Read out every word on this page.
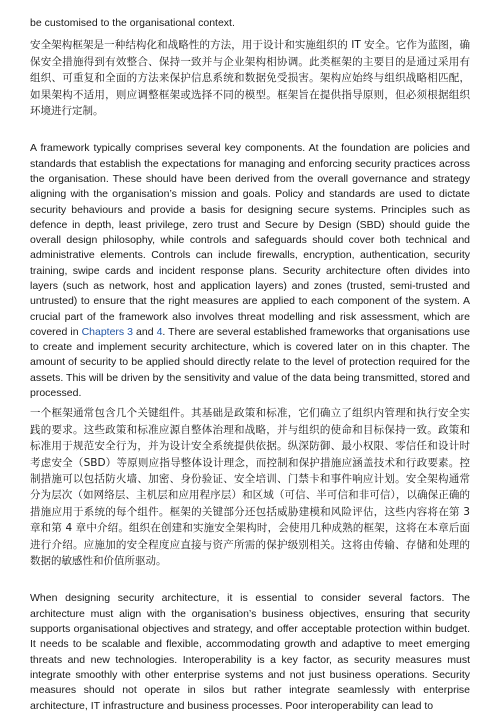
be customised to the organisational context.

安全架构框架是一种结构化和战略性的方法，用于设计和实施组织的 IT 安全。它作为蓝图，确保安全措施得到有效整合、保持一致并与企业架构相协调。此类框架的主要目的是通过采用有组织、可重复和全面的方法来保护信息系统和数据免受损害。架构应始终与组织战略相匹配，如果架构不适用，则应调整框架或选择不同的模型。框架旨在提供指导原则，但必须根据组织环境进行定制。

A framework typically comprises several key components. At the foundation are policies and standards that establish the expectations for managing and enforcing security practices across the organisation. These should have been derived from the overall governance and strategy aligning with the organisation’s mission and goals. Policy and standards are used to dictate security behaviours and provide a basis for designing secure systems. Principles such as defence in depth, least privilege, zero trust and Secure by Design (SBD) should guide the overall design philosophy, while controls and safeguards should cover both technical and administrative elements. Controls can include firewalls, encryption, authentication, security training, swipe cards and incident response plans. Security architecture often divides into layers (such as network, host and application layers) and zones (trusted, semi-trusted and untrusted) to ensure that the right measures are applied to each component of the system. A crucial part of the framework also involves threat modelling and risk assessment, which are covered in Chapters 3 and 4. There are several established frameworks that organisations use to create and implement security architecture, which is covered later on in this chapter. The amount of security to be applied should directly relate to the level of protection required for the assets. This will be driven by the sensitivity and value of the data being transmitted, stored and processed.

一个框架通常包含几个关键组件。其基础是政策和标准，它们确立了组织内管理和执行安全实践的要求。这些政策和标准应源自整体治理和战略，并与组织的使命和目标保持一致。政策和标准用于规范安全行为，并为设计安全系统提供依据。纵深防御、最小权限、零信任和设计时考虑安全（SBD）等原则应指导整体设计理念，而控制和保护措施应涵盖技术和行政要素。控制措施可以包括防火墙、加密、身份验证、安全培训、门禁卡和事件响应计划。安全架构通常分为层次（如网络层、主机层和应用程序层）和区域（可信、半可信和非可信），以确保正确的措施应用于系统的每个组件。框架的关键部分还包括威胁建模和风险评估，这些内容将在第 3 章和第 4 章中介绍。组织在创建和实施安全架构时，会使用几种成熟的框架，这将在本章后面进行介绍。应施加的安全程度应直接与资产所需的保护级别相关。这将由传输、存储和处理的数据的敏感性和价值所驱动。

When designing security architecture, it is essential to consider several factors. The architecture must align with the organisation’s business objectives, ensuring that security supports organisational objectives and strategy, and offer acceptable protection within budget. It needs to be scalable and flexible, accommodating growth and adaptive to meet emerging threats and new technologies. Interoperability is a key factor, as security measures must integrate smoothly with other enterprise systems and not just business operations. Security measures should not operate in silos but rather integrate seamlessly with enterprise architecture, IT infrastructure and business processes. Poor interoperability can lead to
